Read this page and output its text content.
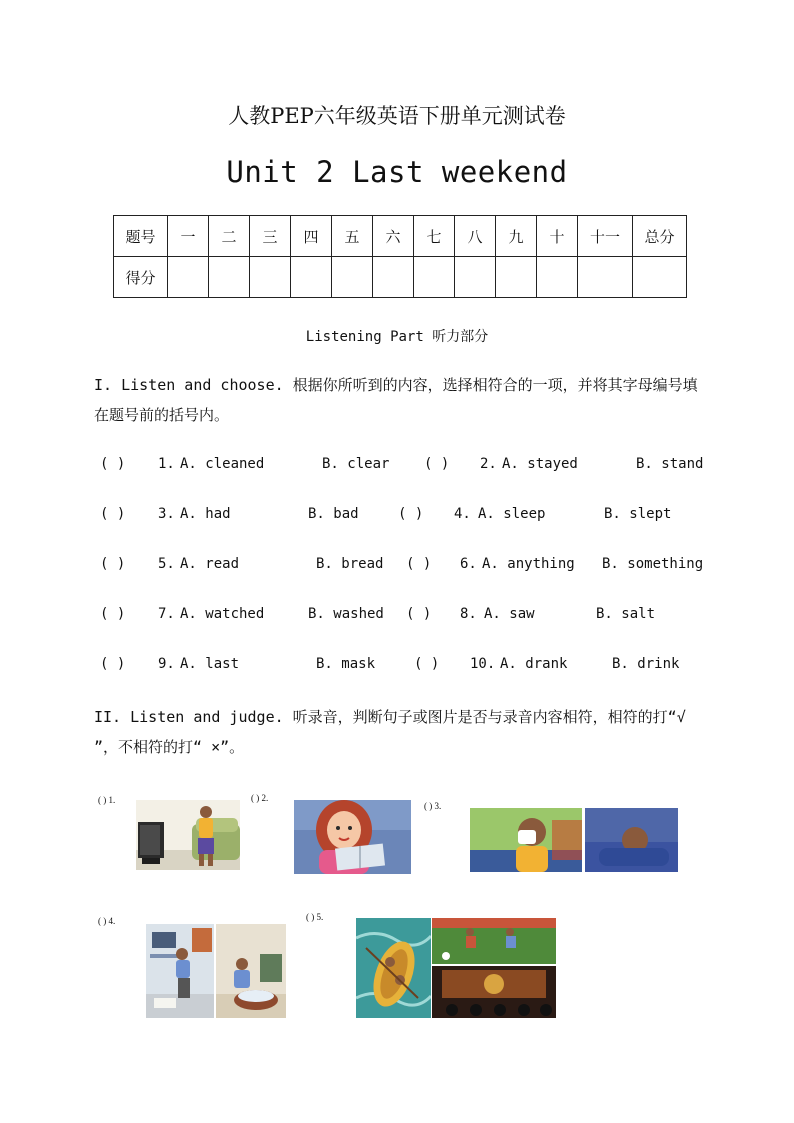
人教PEP六年级英语下册单元测试卷
Unit 2 Last weekend
题号	一	二	三	四	五	六	七	八	九	十	十一	总分
得分												
Listening Part 听力部分
I. Listen and choose. 根据你所听到的内容，选择相符合的一项，并将其字母编号填
在题号前的括号内。
( ) 1. A. cleaned	B. clear ( ) 2. A. stayed	B. stand
( ) 3. A. had	B. bad	( ) 4. A. sleep	B. slept
( ) 5. A. read	B. bread ( ) 6. A. anything B. something
( ) 7. A. watched	B. washed ( ) 8. A. saw	B. salt
( ) 9. A. last	B. mask	( ) 10. A. drank	B. drink
II. Listen and judge. 听录音，判断句子或图片是否与录音内容相符，相符的打“√
”，不相符的打“ ×”。
( ) 1.	( ) 2.
( ) 3.
( ) 4.	( ) 5.
